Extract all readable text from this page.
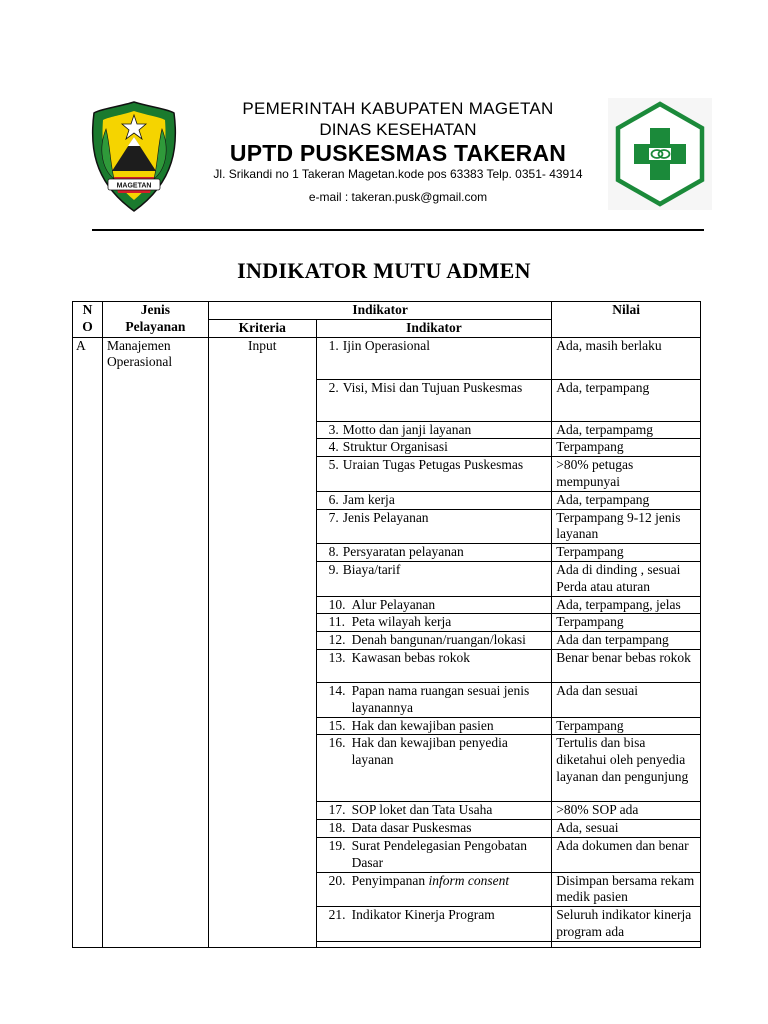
MAGETAN
PEMERINTAH KABUPATEN MAGETAN
DINAS KESEHATAN
UPTD PUSKESMAS TAKERAN
Jl. Srikandi no 1 Takeran Magetan.kode pos 63383 Telp. 0351- 43914
e-mail : takeran.pusk@gmail.com
INDIKATOR MUTU ADMEN
N O	Jenis Pelayanan	Indikator		Nilai
		Kriteria	Indikator	
A	Manajemen Operasional	Input	1. Ijin Operasional	Ada, masih berlaku

			2. Visi, Misi dan Tujuan Puskesmas	Ada, terpampang

			3. Motto dan janji layanan	Ada, terpampamg

			4. Struktur Organisasi	Terpampang

			5. Uraian Tugas Petugas Puskesmas	>80% petugas mempunyai

			6. Jam kerja	Ada, terpampang

			7. Jenis Pelayanan	Terpampang 9-12 jenis layanan

			8. Persyaratan pelayanan	Terpampang

			9. Biaya/tarif	Ada di dinding , sesuai Perda atau aturan

			10. Alur Pelayanan	Ada, terpampang, jelas

			11. Peta wilayah kerja	Terpampang

			12. Denah bangunan/ruangan/lokasi	Ada dan terpampang

			13. Kawasan bebas rokok	Benar benar bebas rokok

			14. Papan nama ruangan sesuai jenis layanannya	Ada dan sesuai

			15. Hak dan kewajiban pasien	Terpampang

			16. Hak dan kewajiban penyedia layanan	Tertulis dan bisa diketahui oleh penyedia layanan dan pengunjung

			17. SOP loket dan Tata Usaha	>80% SOP ada

			18. Data dasar Puskesmas	Ada, sesuai

			19. Surat Pendelegasian Pengobatan Dasar	Ada dokumen dan benar

			20. Penyimpanan inform consent	Disimpan bersama rekam medik pasien

			21. Indikator Kinerja Program	Seluruh indikator kinerja program ada
